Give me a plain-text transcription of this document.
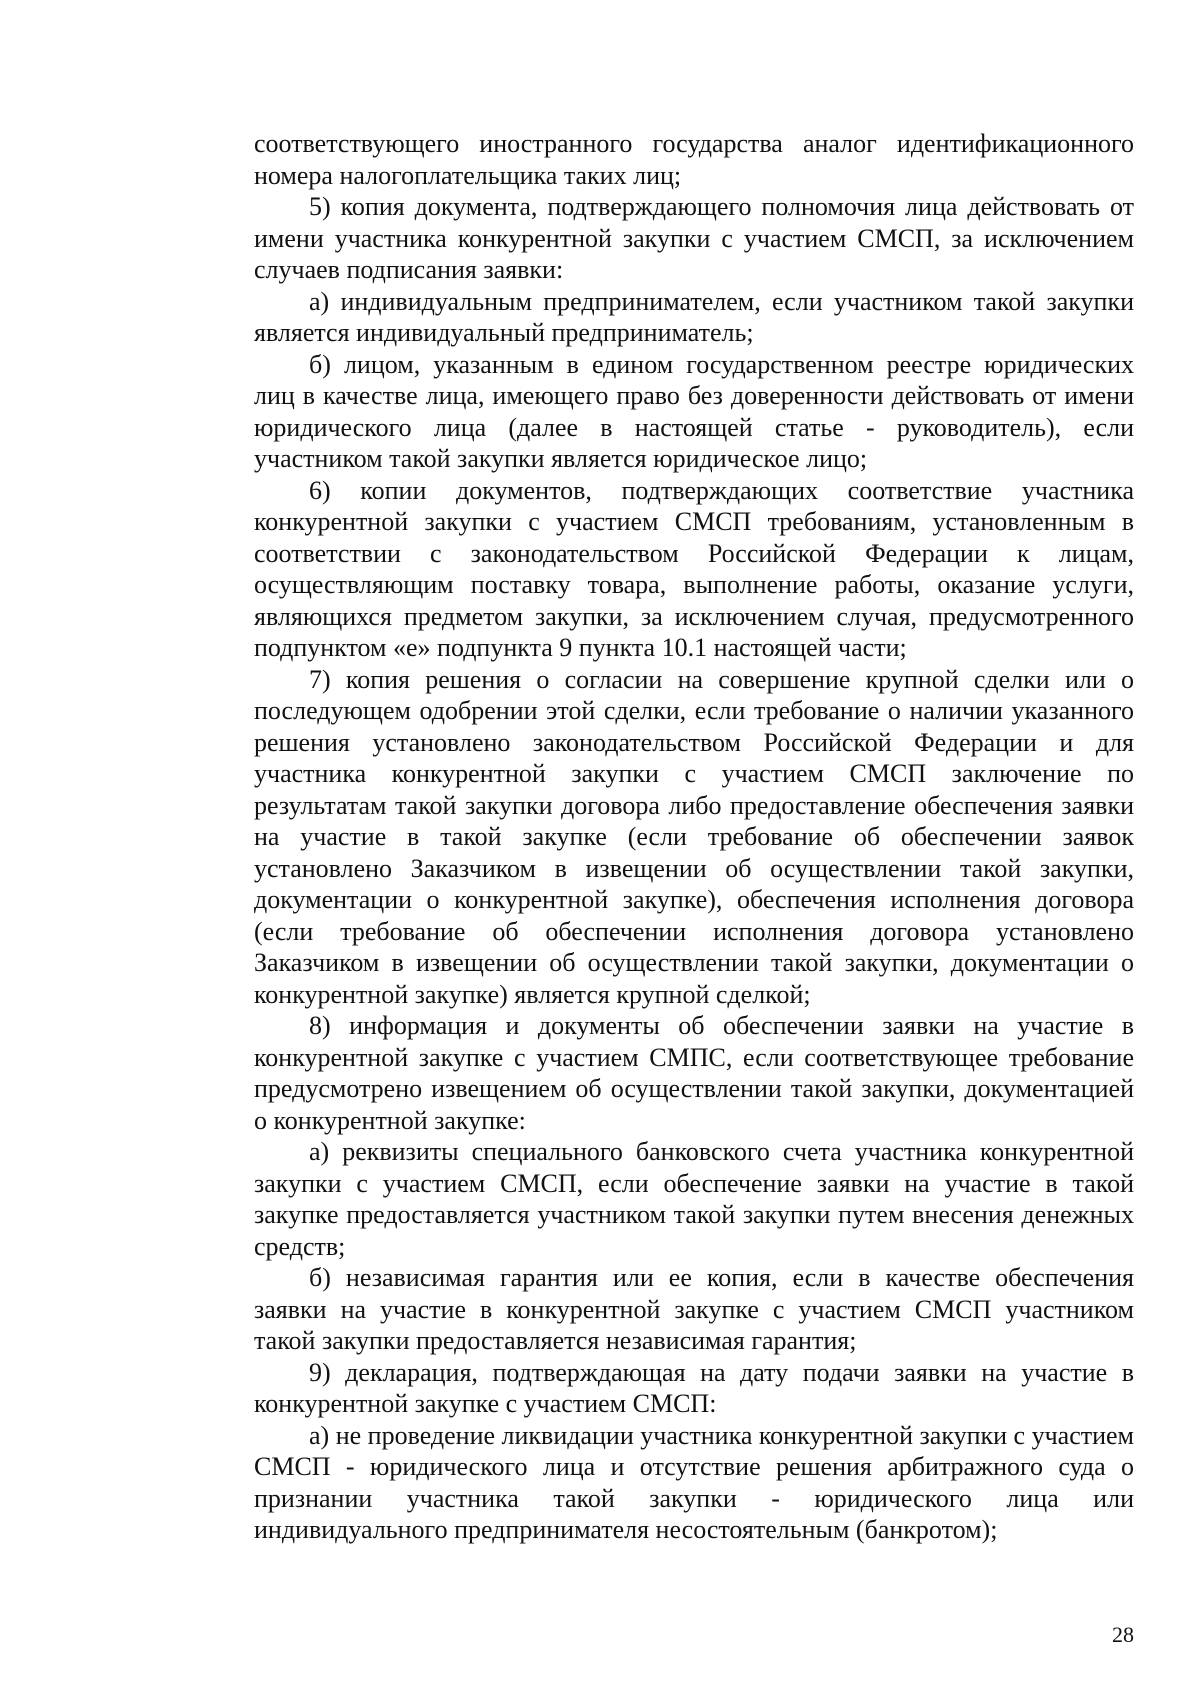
соответствующего иностранного государства аналог идентификационного номера налогоплательщика таких лиц;

5) копия документа, подтверждающего полномочия лица действовать от имени участника конкурентной закупки с участием СМСП, за исключением случаев подписания заявки:

а) индивидуальным предпринимателем, если участником такой закупки является индивидуальный предприниматель;

б) лицом, указанным в едином государственном реестре юридических лиц в качестве лица, имеющего право без доверенности действовать от имени юридического лица (далее в настоящей статье - руководитель), если участником такой закупки является юридическое лицо;

6) копии документов, подтверждающих соответствие участника конкурентной закупки с участием СМСП требованиям, установленным в соответствии с законодательством Российской Федерации к лицам, осуществляющим поставку товара, выполнение работы, оказание услуги, являющихся предметом закупки, за исключением случая, предусмотренного подпунктом «е» подпункта 9 пункта 10.1 настоящей части;

7) копия решения о согласии на совершение крупной сделки или о последующем одобрении этой сделки, если требование о наличии указанного решения установлено законодательством Российской Федерации и для участника конкурентной закупки с участием СМСП заключение по результатам такой закупки договора либо предоставление обеспечения заявки на участие в такой закупке (если требование об обеспечении заявок установлено Заказчиком в извещении об осуществлении такой закупки, документации о конкурентной закупке), обеспечения исполнения договора (если требование об обеспечении исполнения договора установлено Заказчиком в извещении об осуществлении такой закупки, документации о конкурентной закупке) является крупной сделкой;

8) информация и документы об обеспечении заявки на участие в конкурентной закупке с участием СМПС, если соответствующее требование предусмотрено извещением об осуществлении такой закупки, документацией о конкурентной закупке:

а) реквизиты специального банковского счета участника конкурентной закупки с участием СМСП, если обеспечение заявки на участие в такой закупке предоставляется участником такой закупки путем внесения денежных средств;

б) независимая гарантия или ее копия, если в качестве обеспечения заявки на участие в конкурентной закупке с участием СМСП участником такой закупки предоставляется независимая гарантия;

9) декларация, подтверждающая на дату подачи заявки на участие в конкурентной закупке с участием СМСП:

а) не проведение ликвидации участника конкурентной закупки с участием СМСП - юридического лица и отсутствие решения арбитражного суда о признании участника такой закупки - юридического лица или индивидуального предпринимателя несостоятельным (банкротом);

28
